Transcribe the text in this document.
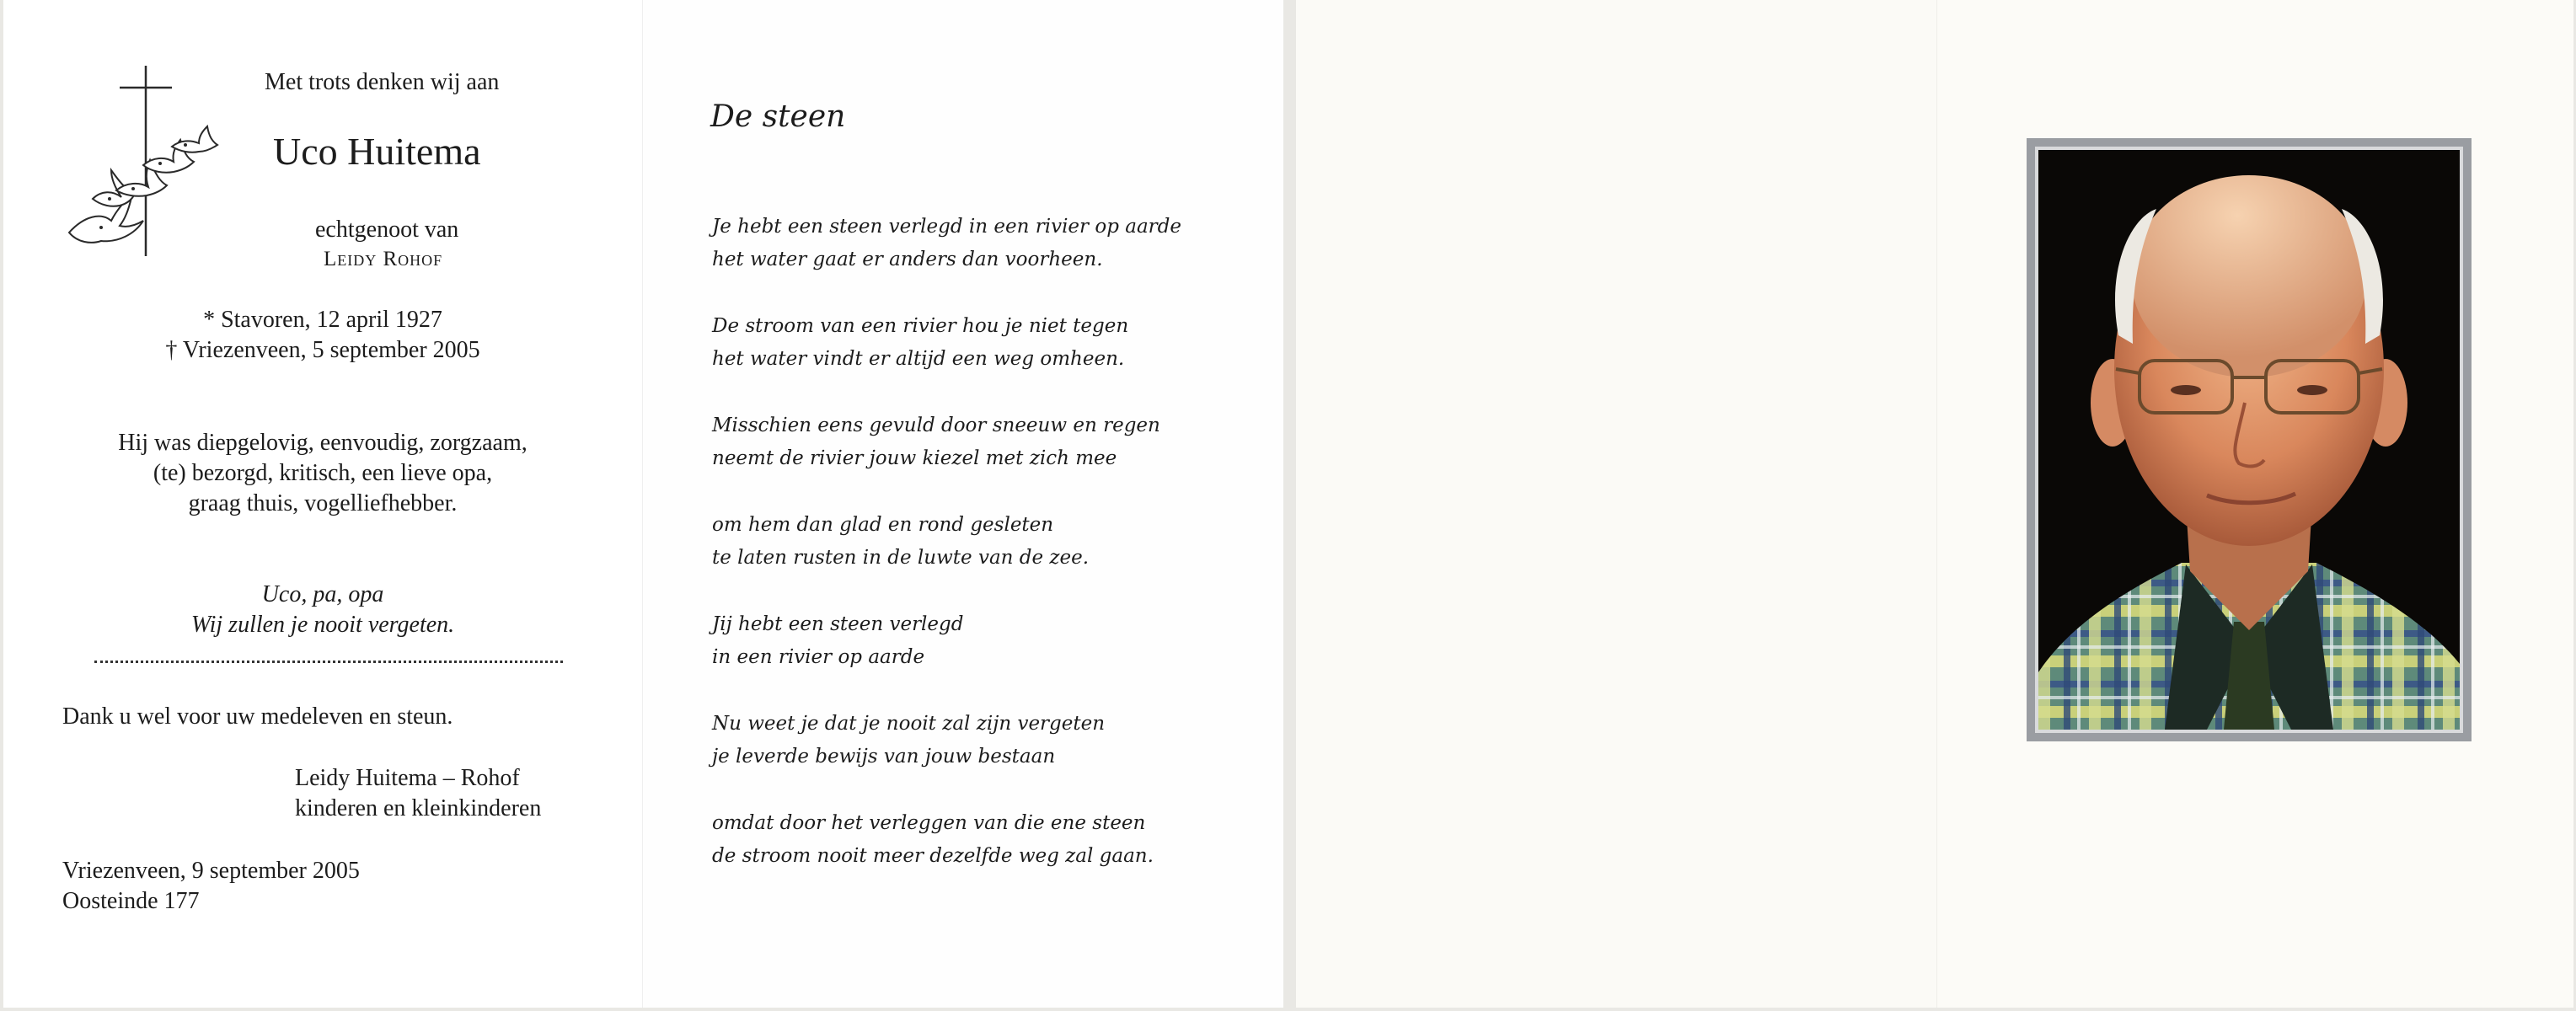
Met trots denken wij aan
Uco Huitema
echtgenoot van
Leidy Rohof
* Stavoren, 12 april 1927
† Vriezenveen, 5 september 2005
Hij was diepgelovig, eenvoudig, zorgzaam,
(te) bezorgd, kritisch, een lieve opa,
graag thuis, vogelliefhebber.
Uco, pa, opa
Wij zullen je nooit vergeten.
Dank u wel voor uw medeleven en steun.
Leidy Huitema – Rohof
kinderen en kleinkinderen
Vriezenveen, 9 september 2005
Oosteinde 177
De steen
Je hebt een steen verlegd in een rivier op aarde
het water gaat er anders dan voorheen.
De stroom van een rivier hou je niet tegen
het water vindt er altijd een weg omheen.
Misschien eens gevuld door sneeuw en regen
neemt de rivier jouw kiezel met zich mee
om hem dan glad en rond gesleten
te laten rusten in de luwte van de zee.
Jij hebt een steen verlegd
in een rivier op aarde
Nu weet je dat je nooit zal zijn vergeten
je leverde bewijs van jouw bestaan
omdat door het verleggen van die ene steen
de stroom nooit meer dezelfde weg zal gaan.
